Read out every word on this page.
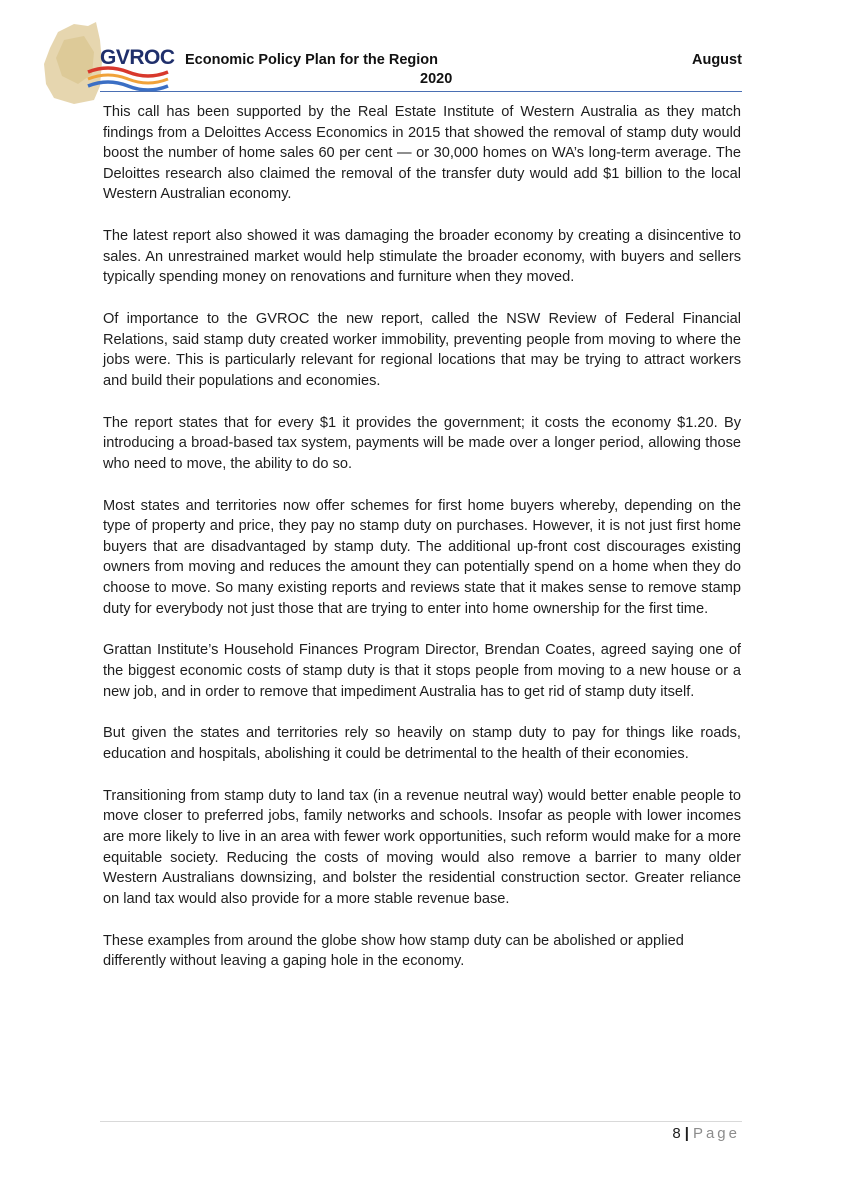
GVROC Economic Policy Plan for the Region	August
2020

This call has been supported by the Real Estate Institute of Western Australia as they match findings from a Deloittes Access Economics in 2015 that showed the removal of stamp duty would boost the number of home sales 60 per cent — or 30,000 homes on WA’s long-term average. The Deloittes research also claimed the removal of the transfer duty would add $1 billion to the local Western Australian economy.

The latest report also showed it was damaging the broader economy by creating a disincentive to sales. An unrestrained market would help stimulate the broader economy, with buyers and sellers typically spending money on renovations and furniture when they moved.

Of importance to the GVROC the new report, called the NSW Review of Federal Financial Relations, said stamp duty created worker immobility, preventing people from moving to where the jobs were. This is particularly relevant for regional locations that may be trying to attract workers and build their populations and economies.

The report states that for every $1 it provides the government; it costs the economy $1.20. By introducing a broad-based tax system, payments will be made over a longer period, allowing those who need to move, the ability to do so.

Most states and territories now offer schemes for first home buyers whereby, depending on the type of property and price, they pay no stamp duty on purchases. However, it is not just first home buyers that are disadvantaged by stamp duty. The additional up-front cost discourages existing owners from moving and reduces the amount they can potentially spend on a home when they do choose to move. So many existing reports and reviews state that it makes sense to remove stamp duty for everybody not just those that are trying to enter into home ownership for the first time.

Grattan Institute’s Household Finances Program Director, Brendan Coates, agreed saying one of the biggest economic costs of stamp duty is that it stops people from moving to a new house or a new job, and in order to remove that impediment Australia has to get rid of stamp duty itself.

But given the states and territories rely so heavily on stamp duty to pay for things like roads, education and hospitals, abolishing it could be detrimental to the health of their economies.

Transitioning from stamp duty to land tax (in a revenue neutral way) would better enable people to move closer to preferred jobs, family networks and schools. Insofar as people with lower incomes are more likely to live in an area with fewer work opportunities, such reform would make for a more equitable society. Reducing the costs of moving would also remove a barrier to many older Western Australians downsizing, and bolster the residential construction sector. Greater reliance on land tax would also provide for a more stable revenue base.

These examples from around the globe show how stamp duty can be abolished or applied differently without leaving a gaping hole in the economy.

8 | Page
